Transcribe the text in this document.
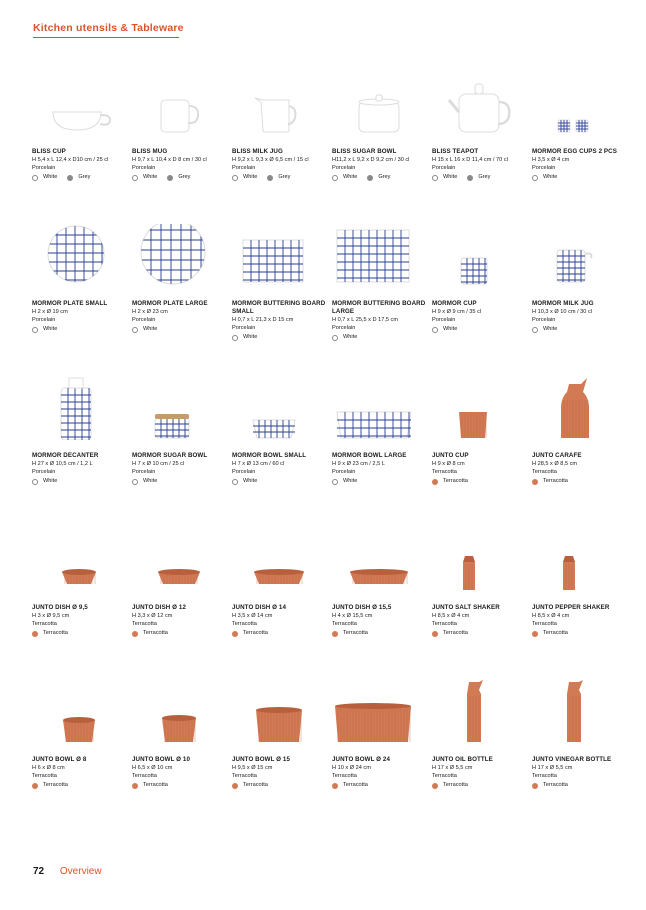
Kitchen utensils & Tableware
BLISS CUP
H 5,4 x L 12,4 x D10 cm / 25 cl
Porcelain
White	Grey
BLISS MUG
H 9,7 x L 10,4 x D 8 cm / 30 cl
Porcelain
White	Grey
BLISS MILK JUG
H 9,2 x L 9,3 x Ø 6,5 cm / 15 cl
Porcelain
White	Grey
BLISS SUGAR BOWL
H11,2 x L 9,2 x D 9,2 cm / 30 cl
Porcelain
White	Grey
BLISS TEAPOT
H 15 x L 16 x D 11,4 cm / 70 cl
Porcelain
White	Grey
MORMOR EGG CUPS 2 PCS
H 3,5 x Ø 4 cm
Porcelain
White
MORMOR PLATE SMALL
H 2 x Ø 19 cm
Porcelain
White
MORMOR PLATE LARGE
H 2 x Ø 23 cm
Porcelain
White
MORMOR BUTTERING BOARD SMALL
H 0,7 x L 21,3 x D 15 cm
Porcelain
White
MORMOR BUTTERING BOARD LARGE
H 0,7 x L 25,5 x D 17,5 cm
Porcelain
White
MORMOR CUP
H 9 x Ø 9 cm / 35 cl
Porcelain
White
MORMOR MILK JUG
H 10,3 x Ø 10 cm / 30 cl
Porcelain
White
MORMOR DECANTER
H 27 x Ø 10,5 cm / 1,2 L
Porcelain
White
MORMOR SUGAR BOWL
H 7 x Ø 10 cm / 25 cl
Porcelain
White
MORMOR BOWL SMALL
H 7 x Ø 13 cm / 60 cl
Porcelain
White
MORMOR BOWL LARGE
H 9 x Ø 23 cm / 2,5 L
Porcelain
White
JUNTO CUP
H 9 x Ø 8 cm
Terracotta
Terracotta
JUNTO CARAFE
H 28,5 x Ø 8,5 cm
Terracotta
Terracotta
JUNTO DISH Ø 9,5
H 3 x Ø 9,5 cm
Terracotta
Terracotta
JUNTO DISH Ø 12
H 3,3 x Ø 12 cm
Terracotta
Terracotta
JUNTO DISH Ø 14
H 3,5 x Ø 14 cm
Terracotta
Terracotta
JUNTO DISH Ø 15,5
H 4 x Ø 15,5 cm
Terracotta
Terracotta
JUNTO SALT SHAKER
H 8,5 x Ø 4 cm
Terracotta
Terracotta
JUNTO PEPPER SHAKER
H 8,5 x Ø 4 cm
Terracotta
Terracotta
JUNTO BOWL Ø 8
H 6 x Ø 8 cm
Terracotta
Terracotta
JUNTO BOWL Ø 10
H 6,5 x Ø 10 cm
Terracotta
Terracotta
JUNTO BOWL Ø 15
H 9,5 x Ø 15 cm
Terracotta
Terracotta
JUNTO BOWL Ø 24
H 10 x Ø 24 cm
Terracotta
Terracotta
JUNTO OIL BOTTLE
H 17 x Ø 5,5 cm
Terracotta
Terracotta
JUNTO VINEGAR BOTTLE
H 17 x Ø 5,5 cm
Terracotta
Terracotta
72 Overview
